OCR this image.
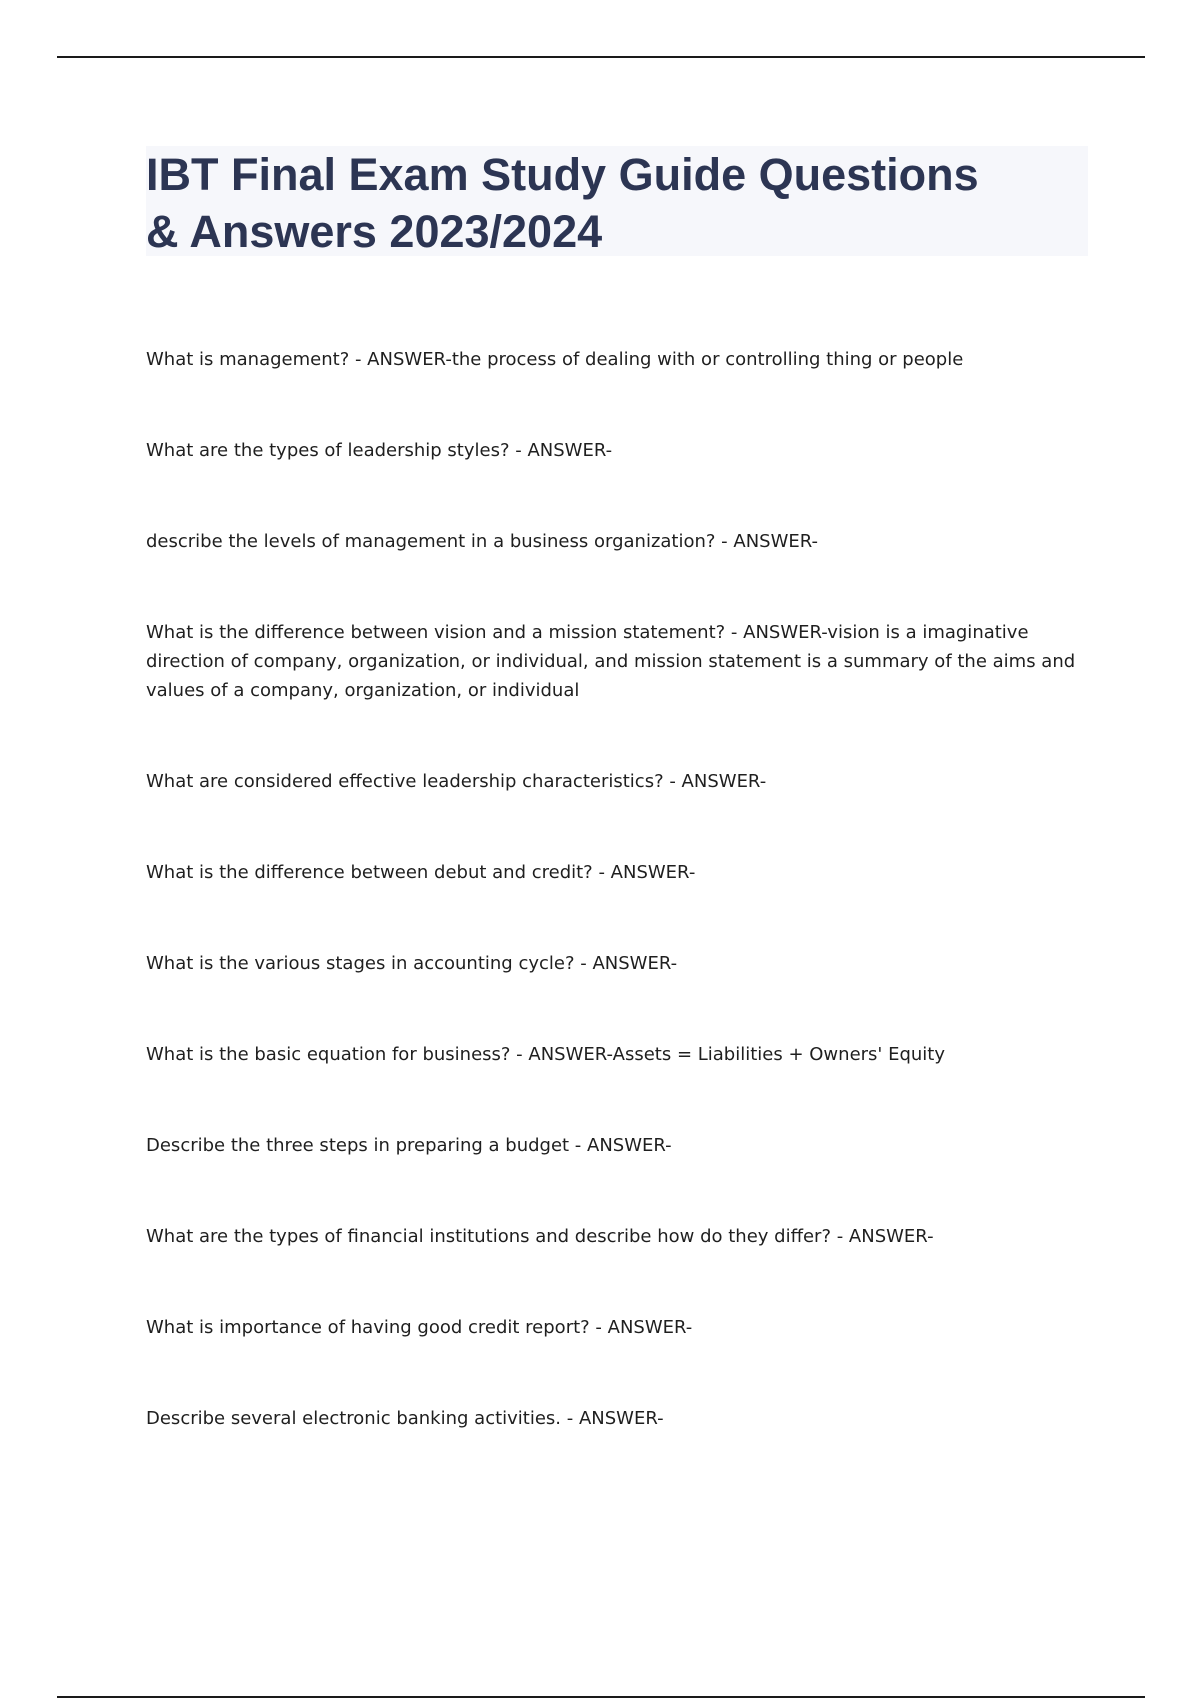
IBT Final Exam Study Guide Questions
& Answers 2023/2024
What is management? - ANSWER-the process of dealing with or controlling thing or people
What are the types of leadership styles? - ANSWER-
describe the levels of management in a business organization? - ANSWER-
What is the difference between vision and a mission statement? - ANSWER-vision is a imaginative direction of company, organization, or individual, and mission statement is a summary of the aims and values of a company, organization, or individual
What are considered effective leadership characteristics? - ANSWER-
What is the difference between debut and credit? - ANSWER-
What is the various stages in accounting cycle? - ANSWER-
What is the basic equation for business? - ANSWER-Assets = Liabilities + Owners' Equity
Describe the three steps in preparing a budget - ANSWER-
What are the types of financial institutions and describe how do they differ? - ANSWER-
What is importance of having good credit report? - ANSWER-
Describe several electronic banking activities. - ANSWER-
